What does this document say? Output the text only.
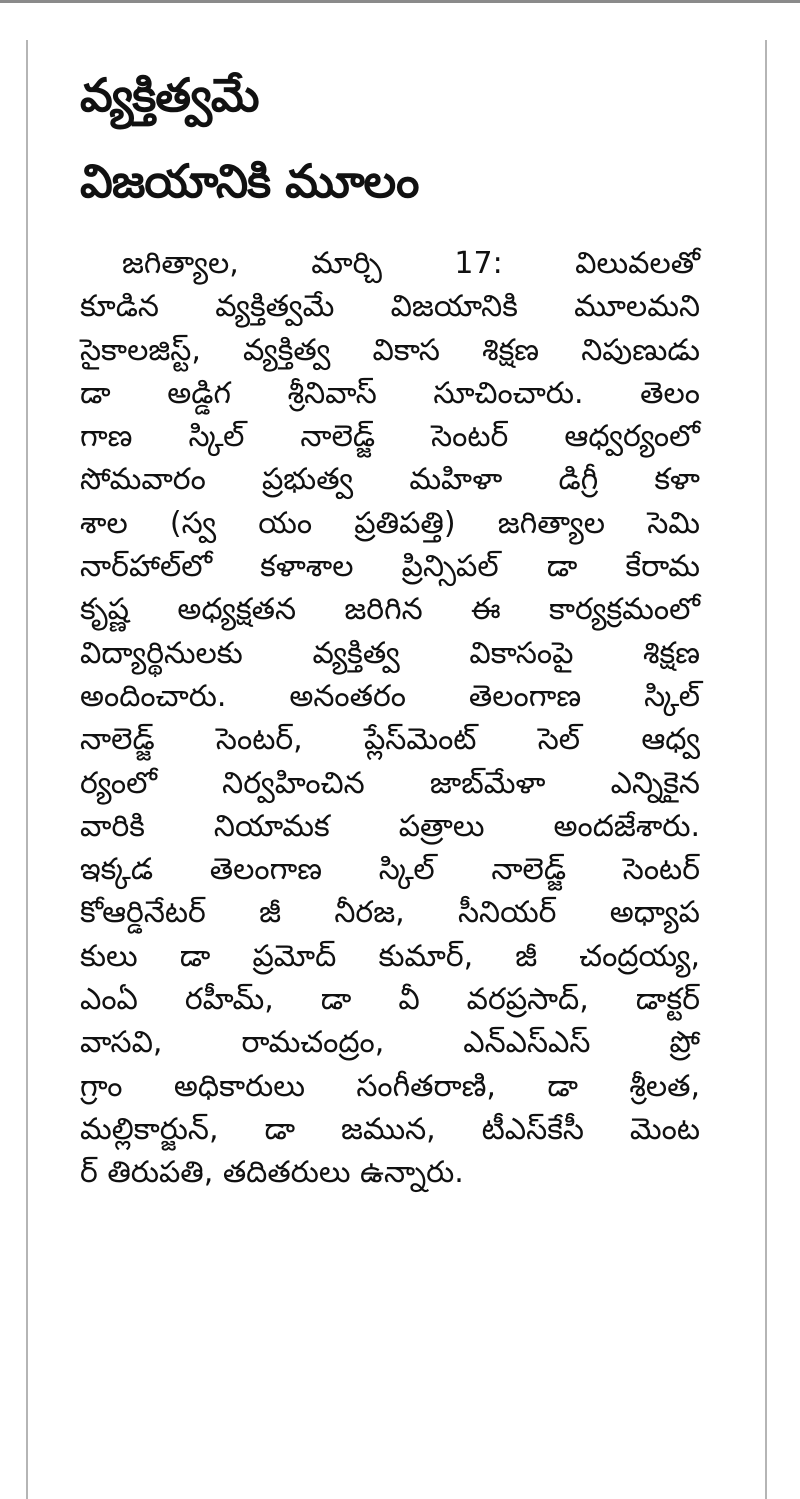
వ్యక్తిత్వమే
విజయానికి మూలం
జగిత్యాల, మార్చి 17: విలువలతో
కూడిన వ్యక్తిత్వమే విజయానికి మూలమని
సైకాలజిస్ట్, వ్యక్తిత్వ వికాస శిక్షణ నిపుణుడు
డా అడ్డిగ శ్రీనివాస్ సూచించారు. తెలం
గాణ స్కిల్ నాలెడ్జ్ సెంటర్ ఆధ్వర్యంలో
సోమవారం ప్రభుత్వ మహిళా డిగ్రీ కళా
శాల (స్వ యం ప్రతిపత్తి) జగిత్యాల సెమి
నార్‌హాల్‌లో కళాశాల ప్రిన్సిపల్ డా కేరామ
కృష్ణ అధ్యక్షతన జరిగిన ఈ కార్యక్రమంలో
విద్యార్థినులకు వ్యక్తిత్వ వికాసంపై శిక్షణ
అందించారు. అనంతరం తెలంగాణ స్కిల్
నాలెడ్జ్ సెంటర్, ప్లేస్‌మెంట్ సెల్ ఆధ్వ
ర్యంలో నిర్వహించిన జాబ్‌మేళా ఎన్నికైన
వారికి నియామక పత్రాలు అందజేశారు.
ఇక్కడ తెలంగాణ స్కిల్ నాలెడ్జ్ సెంటర్
కోఆర్డినేటర్ జీ నీరజ, సీనియర్ అధ్యాప
కులు డా ప్రమోద్ కుమార్, జీ చంద్రయ్య,
ఎంఏ రహీమ్, డా వీ వరప్రసాద్, డాక్టర్
వాసవి, రామచంద్రం, ఎన్‌ఎస్‌ఎస్ ప్రో
గ్రాం అధికారులు సంగీతరాణి, డా శ్రీలత,
మల్లికార్జున్, డా జమున, టీఎస్‌కేసీ మెంట
ర్ తిరుపతి, తదితరులు ఉన్నారు.
